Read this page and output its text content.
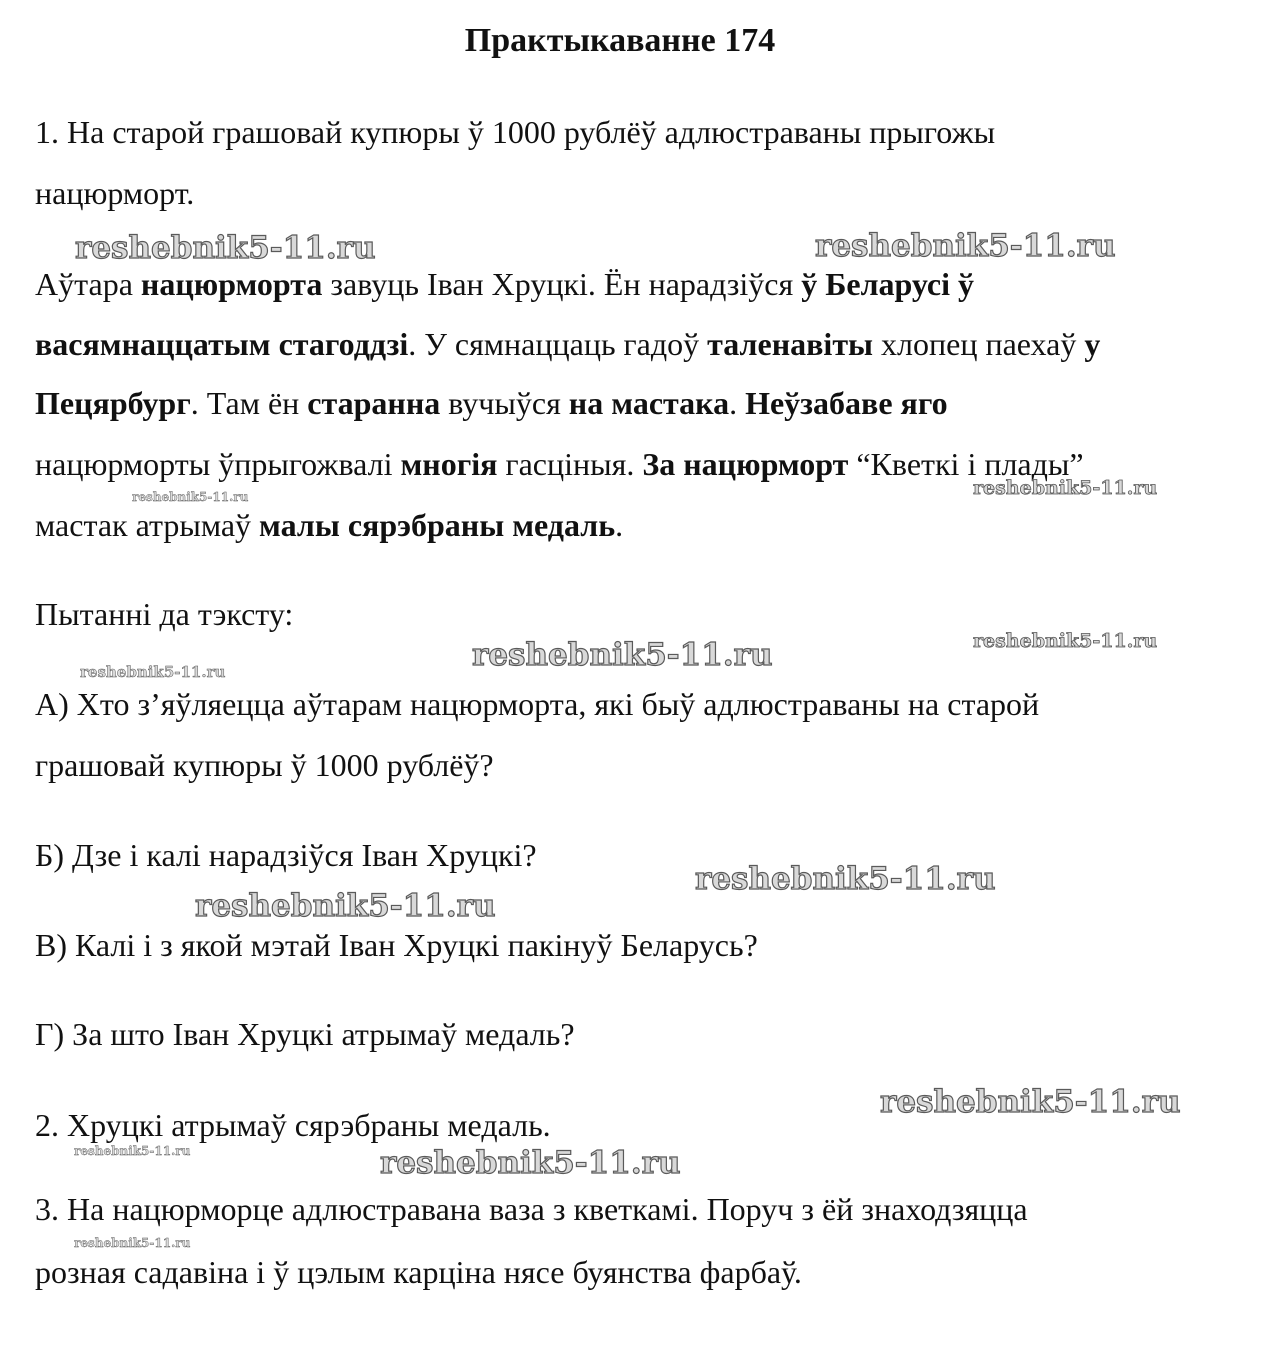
Практыкаванне 174
1. На старой грашовай купюры ў 1000 рублёў адлюстраваны прыгожы
нацюрморт.
Аўтара нацюрморта завуць Іван Хруцкі. Ён нарадзіўся ў Беларусі ў
васямнаццатым стагоддзі. У сямнаццаць гадоў таленавіты хлопец паехаў у
Пецярбург. Там ён старанна вучыўся на мастака. Неўзабаве яго
нацюрморты ўпрыгожвалі многія гасціныя. За нацюрморт “Кветкі і плады”
мастак атрымаў малы сярэбраны медаль.
Пытанні да тэксту:
А) Хто з’яўляецца аўтарам нацюрморта, які быў адлюстраваны на старой
грашовай купюры ў 1000 рублёў?
Б) Дзе і калі нарадзіўся Іван Хруцкі?
В) Калі і з якой мэтай Іван Хруцкі пакінуў Беларусь?
Г) За што Іван Хруцкі атрымаў медаль?
2. Хруцкі атрымаў сярэбраны медаль.
3. На нацюрморце адлюстравана ваза з кветкамі. Поруч з ёй знаходзяцца
розная садавіна і ў цэлым карціна нясе буянства фарбаў.
reshebnik5-11.ru	reshebnik5-11.ru
reshebnik5-11.ru	reshebnik5-11.ru
reshebnik5-11.ru
reshebnik5-11.ru
reshebnik5-11.ru
reshebnik5-11.ru
reshebnik5-11.ru
reshebnik5-11.ru
reshebnik5-11.ru	reshebnik5-11.ru
reshebnik5-11.ru
